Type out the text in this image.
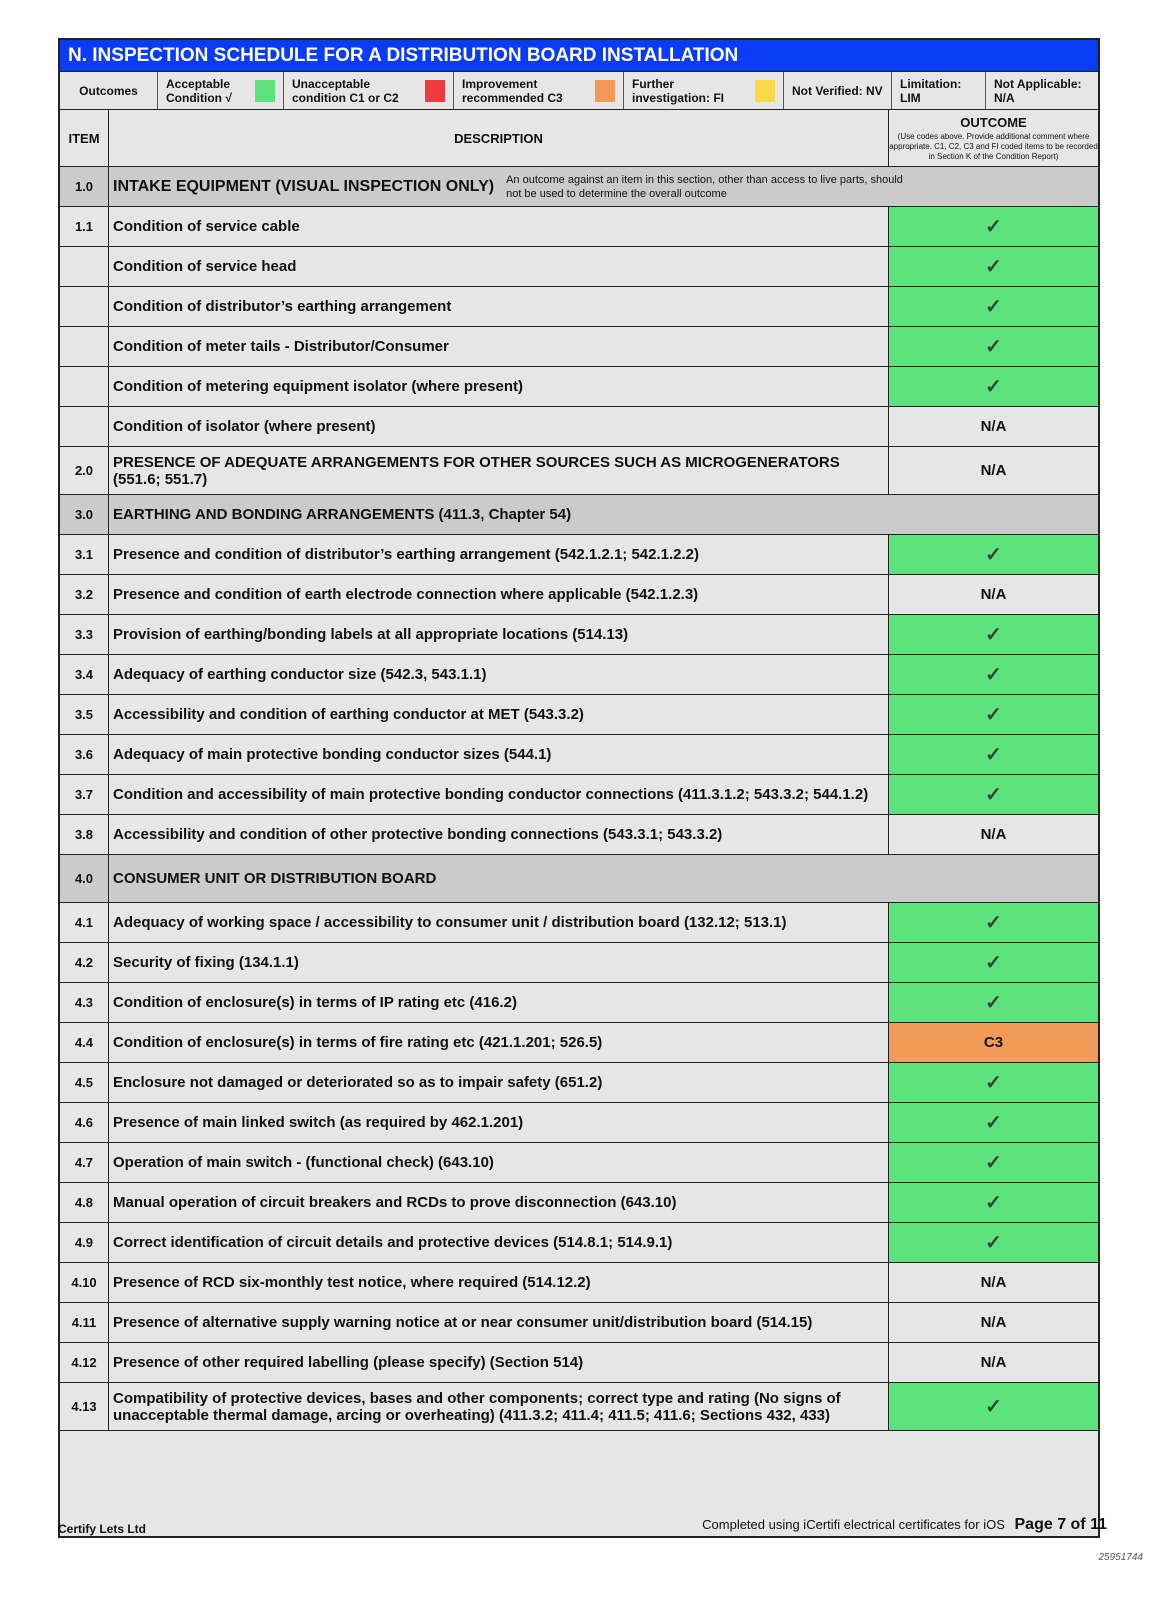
N. INSPECTION SCHEDULE FOR A DISTRIBUTION BOARD INSTALLATION
Outcomes	Acceptable Condition √
Unacceptable condition C1 or C2
Improvement recommended C3
Further investigation: FI	Not Verified: NV	Limitation: LIM
Not Applicable: N/A
ITEM	DESCRIPTION
OUTCOME
(Use codes above. Provide additional comment where appropriate. C1, C2, C3 and FI coded items to be recorded in Section K of the Condition Report)
1.0	INTAKE EQUIPMENT (VISUAL INSPECTION ONLY) An outcome against an item in this section, other than access to live parts, should not be used to determine the overall outcome
1.1	Condition of service cable	✓
Condition of service head	✓
Condition of distributor’s earthing arrangement	✓
Condition of meter tails - Distributor/Consumer	✓
Condition of metering equipment isolator (where present)	✓
Condition of isolator (where present)	N/A
2.0	PRESENCE OF ADEQUATE ARRANGEMENTS FOR OTHER SOURCES SUCH AS MICROGENERATORS (551.6; 551.7)	N/A
3.0	EARTHING AND BONDING ARRANGEMENTS (411.3, Chapter 54)
3.1	Presence and condition of distributor’s earthing arrangement (542.1.2.1; 542.1.2.2)	✓
3.2	Presence and condition of earth electrode connection where applicable (542.1.2.3)	N/A
3.3	Provision of earthing/bonding labels at all appropriate locations (514.13)	✓
3.4	Adequacy of earthing conductor size (542.3, 543.1.1)	✓
3.5	Accessibility and condition of earthing conductor at MET (543.3.2)	✓
3.6	Adequacy of main protective bonding conductor sizes (544.1)	✓
3.7	Condition and accessibility of main protective bonding conductor connections (411.3.1.2; 543.3.2; 544.1.2)	✓
3.8	Accessibility and condition of other protective bonding connections (543.3.1; 543.3.2)	N/A
4.0	CONSUMER UNIT OR DISTRIBUTION BOARD
4.1	Adequacy of working space / accessibility to consumer unit / distribution board (132.12; 513.1)	✓
4.2	Security of fixing (134.1.1)	✓
4.3	Condition of enclosure(s) in terms of IP rating etc (416.2)	✓
4.4	Condition of enclosure(s) in terms of fire rating etc (421.1.201; 526.5)	C3
4.5	Enclosure not damaged or deteriorated so as to impair safety (651.2)	✓
4.6	Presence of main linked switch (as required by 462.1.201)	✓
4.7	Operation of main switch - (functional check) (643.10)	✓
4.8	Manual operation of circuit breakers and RCDs to prove disconnection (643.10)	✓
4.9	Correct identification of circuit details and protective devices (514.8.1; 514.9.1)	✓
4.10	Presence of RCD six-monthly test notice, where required (514.12.2)	N/A
4.11	Presence of alternative supply warning notice at or near consumer unit/distribution board (514.15)	N/A
4.12	Presence of other required labelling (please specify) (Section 514)	N/A
4.13	Compatibility of protective devices, bases and other components; correct type and rating (No signs of unacceptable thermal damage, arcing or overheating) (411.3.2; 411.4; 411.5; 411.6; Sections 432, 433)	✓
Certify Lets Ltd	Completed using iCertifi electrical certificates for iOS Page 7 of 11
25951744
